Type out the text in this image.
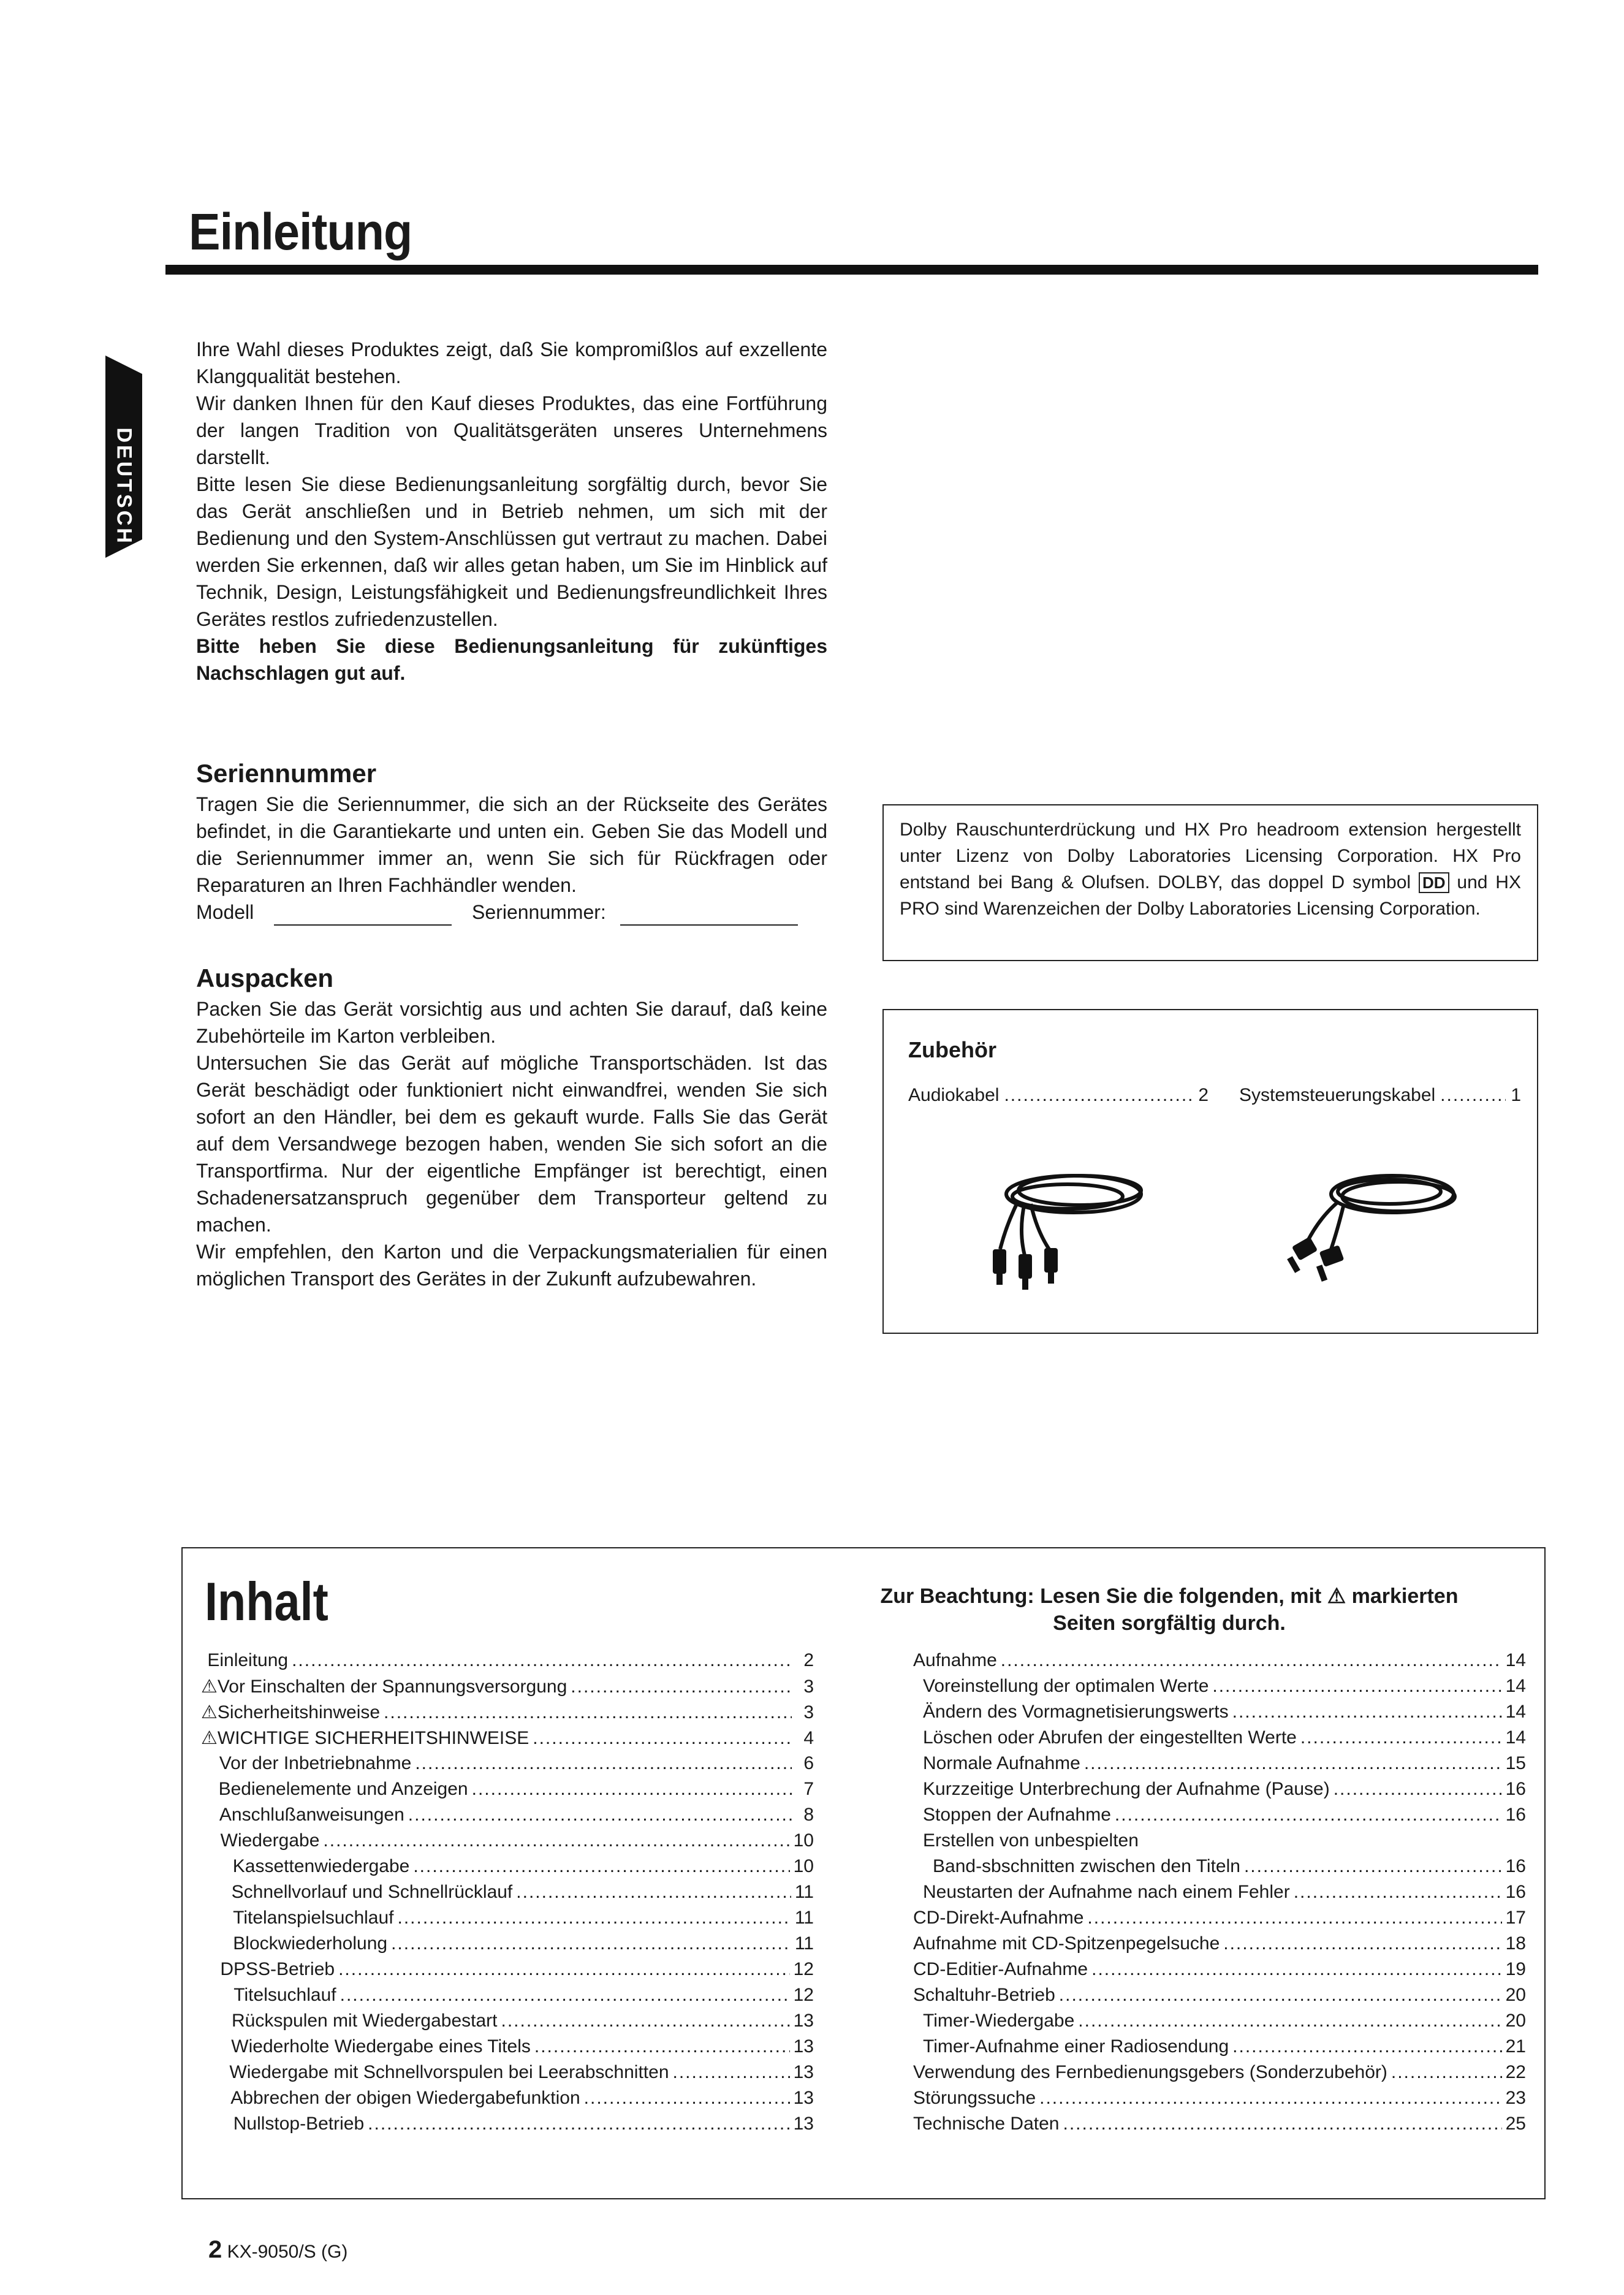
Einleitung

Ihre Wahl dieses Produktes zeigt, daß Sie kompromißlos auf exzellente Klangqualität bestehen.

Wir danken Ihnen für den Kauf dieses Produktes, das eine Fortführung der langen Tradition von Qualitätsgeräten unseres Unternehmens darstellt.

Bitte lesen Sie diese Bedienungsanleitung sorgfältig durch, bevor Sie das Gerät anschließen und in Betrieb nehmen, um sich mit der Bedienung und den System-Anschlüssen gut vertraut zu machen. Dabei werden Sie erkennen, daß wir alles getan haben, um Sie im Hinblick auf Technik, Design, Leistungsfähigkeit und Bedienungsfreundlichkeit Ihres Gerätes restlos zufriedenzustellen.

Bitte heben Sie diese Bedienungsanleitung für zukünftiges Nachschlagen gut auf.

Seriennummer

Tragen Sie die Seriennummer, die sich an der Rückseite des Gerätes befindet, in die Garantiekarte und unten ein. Geben Sie das Modell und die Seriennummer immer an, wenn Sie sich für Rückfragen oder Reparaturen an Ihren Fachhändler wenden.

Modell	Seriennummer:
Auspacken

Packen Sie das Gerät vorsichtig aus und achten Sie darauf, daß keine Zubehörteile im Karton verbleiben.

Untersuchen Sie das Gerät auf mögliche Transportschäden. Ist das Gerät beschädigt oder funktioniert nicht einwandfrei, wenden Sie sich sofort an den Händler, bei dem es gekauft wurde. Falls Sie das Gerät auf dem Versandwege bezogen haben, wenden Sie sich sofort an die Transportfirma. Nur der eigentliche Empfänger ist berechtigt, einen Schadenersatzanspruch gegenüber dem Transporteur geltend zu machen.

Wir empfehlen, den Karton und die Verpackungsmaterialien für einen möglichen Transport des Gerätes in der Zukunft aufzubewahren.

Dolby Rauschunterdrückung und HX Pro headroom extension hergestellt unter Lizenz von Dolby Laboratories Licensing Corporation. HX Pro entstand bei Bang & Olufsen. DOLBY, das doppel D symbol DD und HX PRO sind Warenzeichen der Dolby Laboratories Licensing Corporation.
Zubehör
Audiokabel .....	2 Systemsteuerungskabel .....	1
Inhalt	Zur Beachtung: Lesen Sie die folgenden, mit ⚠ markierten
Seiten sorgfältig durch.
Einleitung .....	2
⚠ Vor Einschalten der Spannungsversorgung .....	3
⚠ Sicherheitshinweise .....	3
⚠ WICHTIGE SICHERHEITSHINWEISE .....	4
Vor der Inbetriebnahme .....	6
Bedienelemente und Anzeigen .....	7
Anschlußanweisungen .....	8
Wiedergabe .....	10
Kassettenwiedergabe .....	10
Schnellvorlauf und Schnellrücklauf .....	11
Titelanspielsuchlauf .....	11
Blockwiederholung .....	11
DPSS-Betrieb .....	12
Titelsuchlauf .....	12
Rückspulen mit Wiedergabestart .....	13
Wiederholte Wiedergabe eines Titels .....	13
Wiedergabe mit Schnellvorspulen bei Leerabschnitten .....	13
Abbrechen der obigen Wiedergabefunktion .....	13
Nullstop-Betrieb .....	13
Aufnahme .....	14
Voreinstellung der optimalen Werte .....	14
Ändern des Vormagnetisierungswerts .....	14
Löschen oder Abrufen der eingestellten Werte .....	14
Normale Aufnahme .....	15
Kurzzeitige Unterbrechung der Aufnahme (Pause) .....	16
Stoppen der Aufnahme .....	16
Erstellen von unbespielten
Band-sbschnitten zwischen den Titeln .....	16
Neustarten der Aufnahme nach einem Fehler .....	16
CD-Direkt-Aufnahme .....	17
Aufnahme mit CD-Spitzenpegelsuche .....	18
CD-Editier-Aufnahme .....	19
Schaltuhr-Betrieb .....	20
Timer-Wiedergabe .....	20
Timer-Aufnahme einer Radiosendung .....	21
Verwendung des Fernbedienungsgebers (Sonderzubehör) .....	22
Störungssuche .....	23
Technische Daten .....	25
2 KX-9050/S (G)
